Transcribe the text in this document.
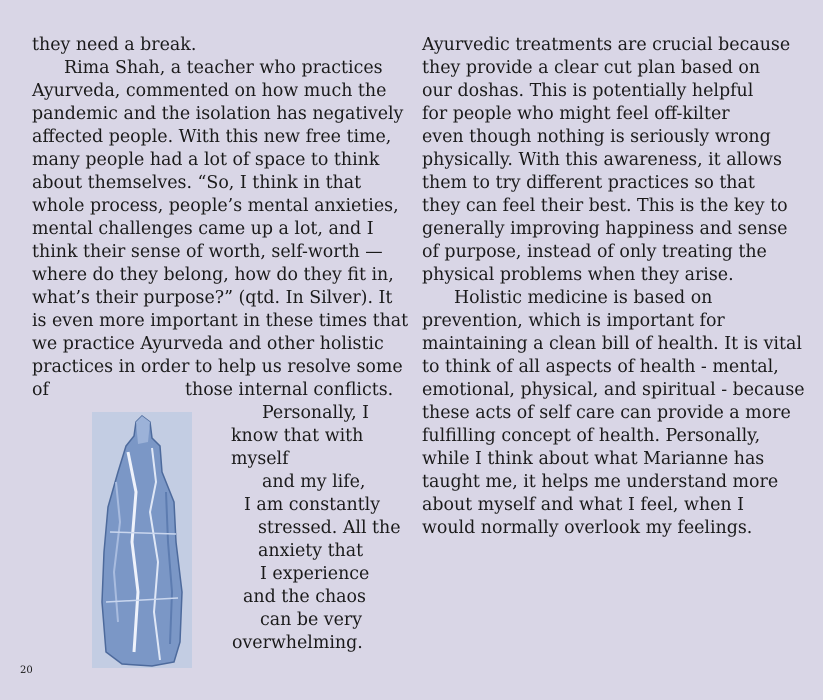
they need a break.
Rima Shah, a teacher who practices
Ayurveda, commented on how much the
pandemic and the isolation has negatively
affected people. With this new free time,
many people had a lot of space to think
about themselves. “So, I think in that
whole process, people’s mental anxieties,
mental challenges came up a lot, and I
think their sense of worth, self-worth —
where do they belong, how do they fit in,
what’s their purpose?” (qtd. In Silver). It
is even more important in these times that
we practice Ayurveda and other holistic
practices in order to help us resolve some
of	those internal conflicts.
Personally, I
know that with
myself
and my life,
I am constantly
stressed. All the
anxiety that
I experience
and the chaos
can be very
overwhelming.
Ayurvedic treatments are crucial because
they provide a clear cut plan based on
our doshas. This is potentially helpful
for people who might feel off-kilter
even though nothing is seriously wrong
physically. With this awareness, it allows
them to try different practices so that
they can feel their best. This is the key to
generally improving happiness and sense
of purpose, instead of only treating the
physical problems when they arise.
Holistic medicine is based on
prevention, which is important for
maintaining a clean bill of health. It is vital
to think of all aspects of health - mental,
emotional, physical, and spiritual - because
these acts of self care can provide a more
fulfilling concept of health. Personally,
while I think about what Marianne has
taught me, it helps me understand more
about myself and what I feel, when I
would normally overlook my feelings.
20
